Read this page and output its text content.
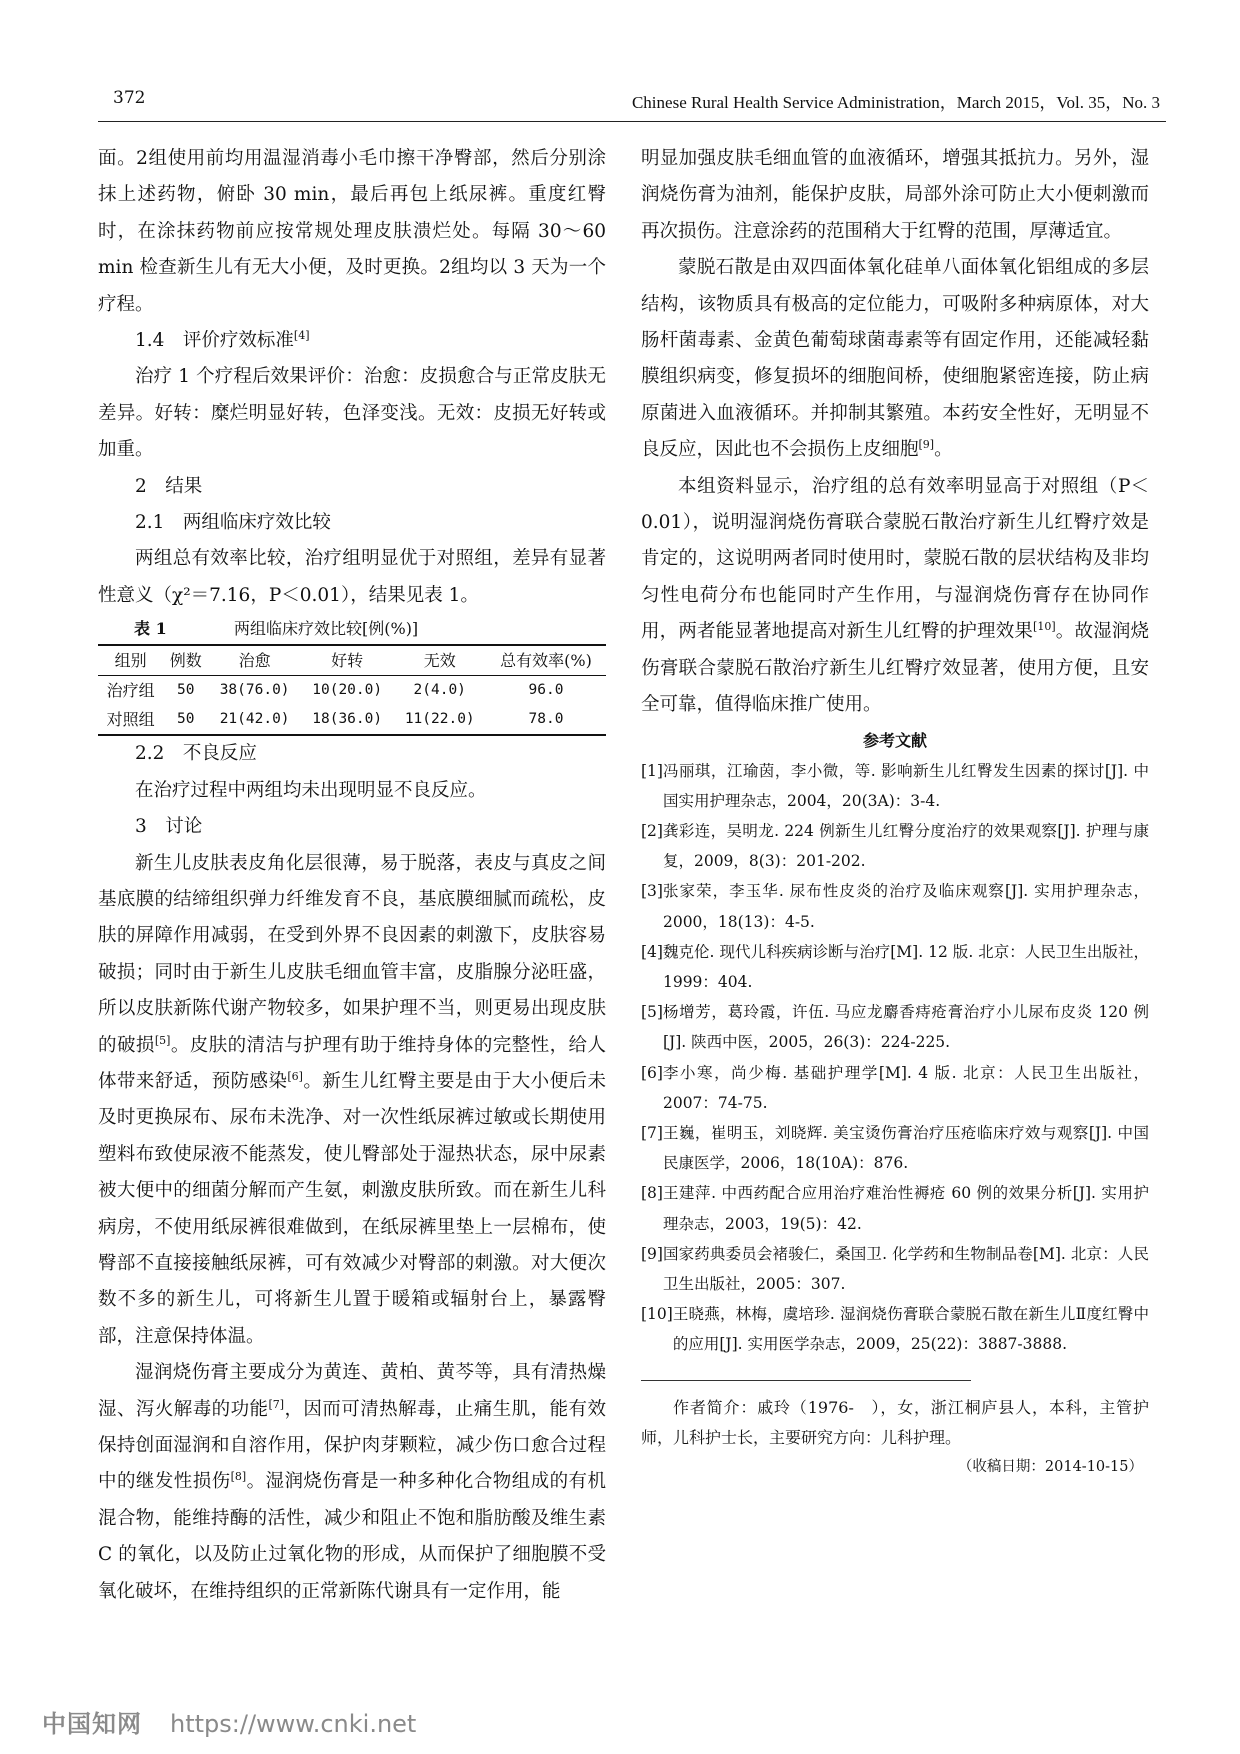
372	Chinese Rural Health Service Administration，March 2015，Vol. 35，No. 3

面。2组使用前均用温湿消毒小毛巾擦干净臀部，然后分别涂抹上述药物，俯卧 30 min，最后再包上纸尿裤。重度红臀时，在涂抹药物前应按常规处理皮肤溃烂处。每隔 30～60 min 检查新生儿有无大小便，及时更换。2组均以 3 天为一个疗程。

1.4　评价疗效标准[4]

治疗 1 个疗程后效果评价：治愈：皮损愈合与正常皮肤无差异。好转：糜烂明显好转，色泽变浅。无效：皮损无好转或加重。

2　结果

2.1　两组临床疗效比较

两组总有效率比较，治疗组明显优于对照组，差异有显著性意义（χ²＝7.16，P＜0.01），结果见表 1。

表 1	两组临床疗效比较[例(%)]
组别	例数	治愈	好转	无效	总有效率(%)
治疗组	50	38(76.0)	10(20.0)	2(4.0)	96.0
对照组	50	21(42.0)	18(36.0)	11(22.0)	78.0

2.2　不良反应

在治疗过程中两组均未出现明显不良反应。

3　讨论

新生儿皮肤表皮角化层很薄，易于脱落，表皮与真皮之间基底膜的结缔组织弹力纤维发育不良，基底膜细腻而疏松，皮肤的屏障作用减弱，在受到外界不良因素的刺激下，皮肤容易破损；同时由于新生儿皮肤毛细血管丰富，皮脂腺分泌旺盛，所以皮肤新陈代谢产物较多，如果护理不当，则更易出现皮肤的破损[5]。皮肤的清洁与护理有助于维持身体的完整性，给人体带来舒适，预防感染[6]。新生儿红臀主要是由于大小便后未及时更换尿布、尿布未洗净、对一次性纸尿裤过敏或长期使用塑料布致使尿液不能蒸发，使儿臀部处于湿热状态，尿中尿素被大便中的细菌分解而产生氨，刺激皮肤所致。而在新生儿科病房，不使用纸尿裤很难做到，在纸尿裤里垫上一层棉布，使臀部不直接接触纸尿裤，可有效减少对臀部的刺激。对大便次数不多的新生儿，可将新生儿置于暖箱或辐射台上，暴露臀部，注意保持体温。

湿润烧伤膏主要成分为黄连、黄柏、黄芩等，具有清热燥湿、泻火解毒的功能[7]，因而可清热解毒，止痛生肌，能有效保持创面湿润和自溶作用，保护肉芽颗粒，减少伤口愈合过程中的继发性损伤[8]。湿润烧伤膏是一种多种化合物组成的有机混合物，能维持酶的活性，减少和阻止不饱和脂肪酸及维生素 C 的氧化，以及防止过氧化物的形成，从而保护了细胞膜不受氧化破坏，在维持组织的正常新陈代谢具有一定作用，能

明显加强皮肤毛细血管的血液循环，增强其抵抗力。另外，湿润烧伤膏为油剂，能保护皮肤，局部外涂可防止大小便刺激而再次损伤。注意涂药的范围稍大于红臀的范围，厚薄适宜。

蒙脱石散是由双四面体氧化硅单八面体氧化铝组成的多层结构，该物质具有极高的定位能力，可吸附多种病原体，对大肠杆菌毒素、金黄色葡萄球菌毒素等有固定作用，还能减轻黏膜组织病变，修复损坏的细胞间桥，使细胞紧密连接，防止病原菌进入血液循环。并抑制其繁殖。本药安全性好，无明显不良反应，因此也不会损伤上皮细胞[9]。

本组资料显示，治疗组的总有效率明显高于对照组（P＜0.01），说明湿润烧伤膏联合蒙脱石散治疗新生儿红臀疗效是肯定的，这说明两者同时使用时，蒙脱石散的层状结构及非均匀性电荷分布也能同时产生作用，与湿润烧伤膏存在协同作用，两者能显著地提高对新生儿红臀的护理效果[10]。故湿润烧伤膏联合蒙脱石散治疗新生儿红臀疗效显著，使用方便，且安全可靠，值得临床推广使用。

参考文献
[1] 冯丽琪，江瑜茵，李小微，等. 影响新生儿红臀发生因素的探讨[J]. 中国实用护理杂志，2004，20(3A)：3-4.
[2] 龚彩连，吴明龙. 224 例新生儿红臀分度治疗的效果观察[J]. 护理与康复，2009，8(3)：201-202.
[3] 张家荣，李玉华. 尿布性皮炎的治疗及临床观察[J]. 实用护理杂志，2000，18(13)：4-5.
[4] 魏克伦. 现代儿科疾病诊断与治疗[M]. 12 版. 北京：人民卫生出版社，1999：404.
[5] 杨增芳，葛玲霞，许伍. 马应龙麝香痔疮膏治疗小儿尿布皮炎 120 例[J]. 陕西中医，2005，26(3)：224-225.
[6] 李小寒，尚少梅. 基础护理学[M]. 4 版. 北京：人民卫生出版社，2007：74-75.
[7] 王巍，崔明玉，刘晓辉. 美宝烫伤膏治疗压疮临床疗效与观察[J]. 中国民康医学，2006，18(10A)：876.
[8] 王建萍. 中西药配合应用治疗难治性褥疮 60 例的效果分析[J]. 实用护理杂志，2003，19(5)：42.
[9] 国家药典委员会褚骏仁，桑国卫. 化学药和生物制品卷[M]. 北京：人民卫生出版社，2005：307.
[10] 王晓燕，林梅，虞培珍. 湿润烧伤膏联合蒙脱石散在新生儿Ⅱ度红臀中的应用[J]. 实用医学杂志，2009，25(22)：3887-3888.
作者简介：戚玲（1976-　），女，浙江桐庐县人，本科，主管护师，儿科护士长，主要研究方向：儿科护理。
（收稿日期：2014-10-15）
中国知网 https://www.cnki.net
